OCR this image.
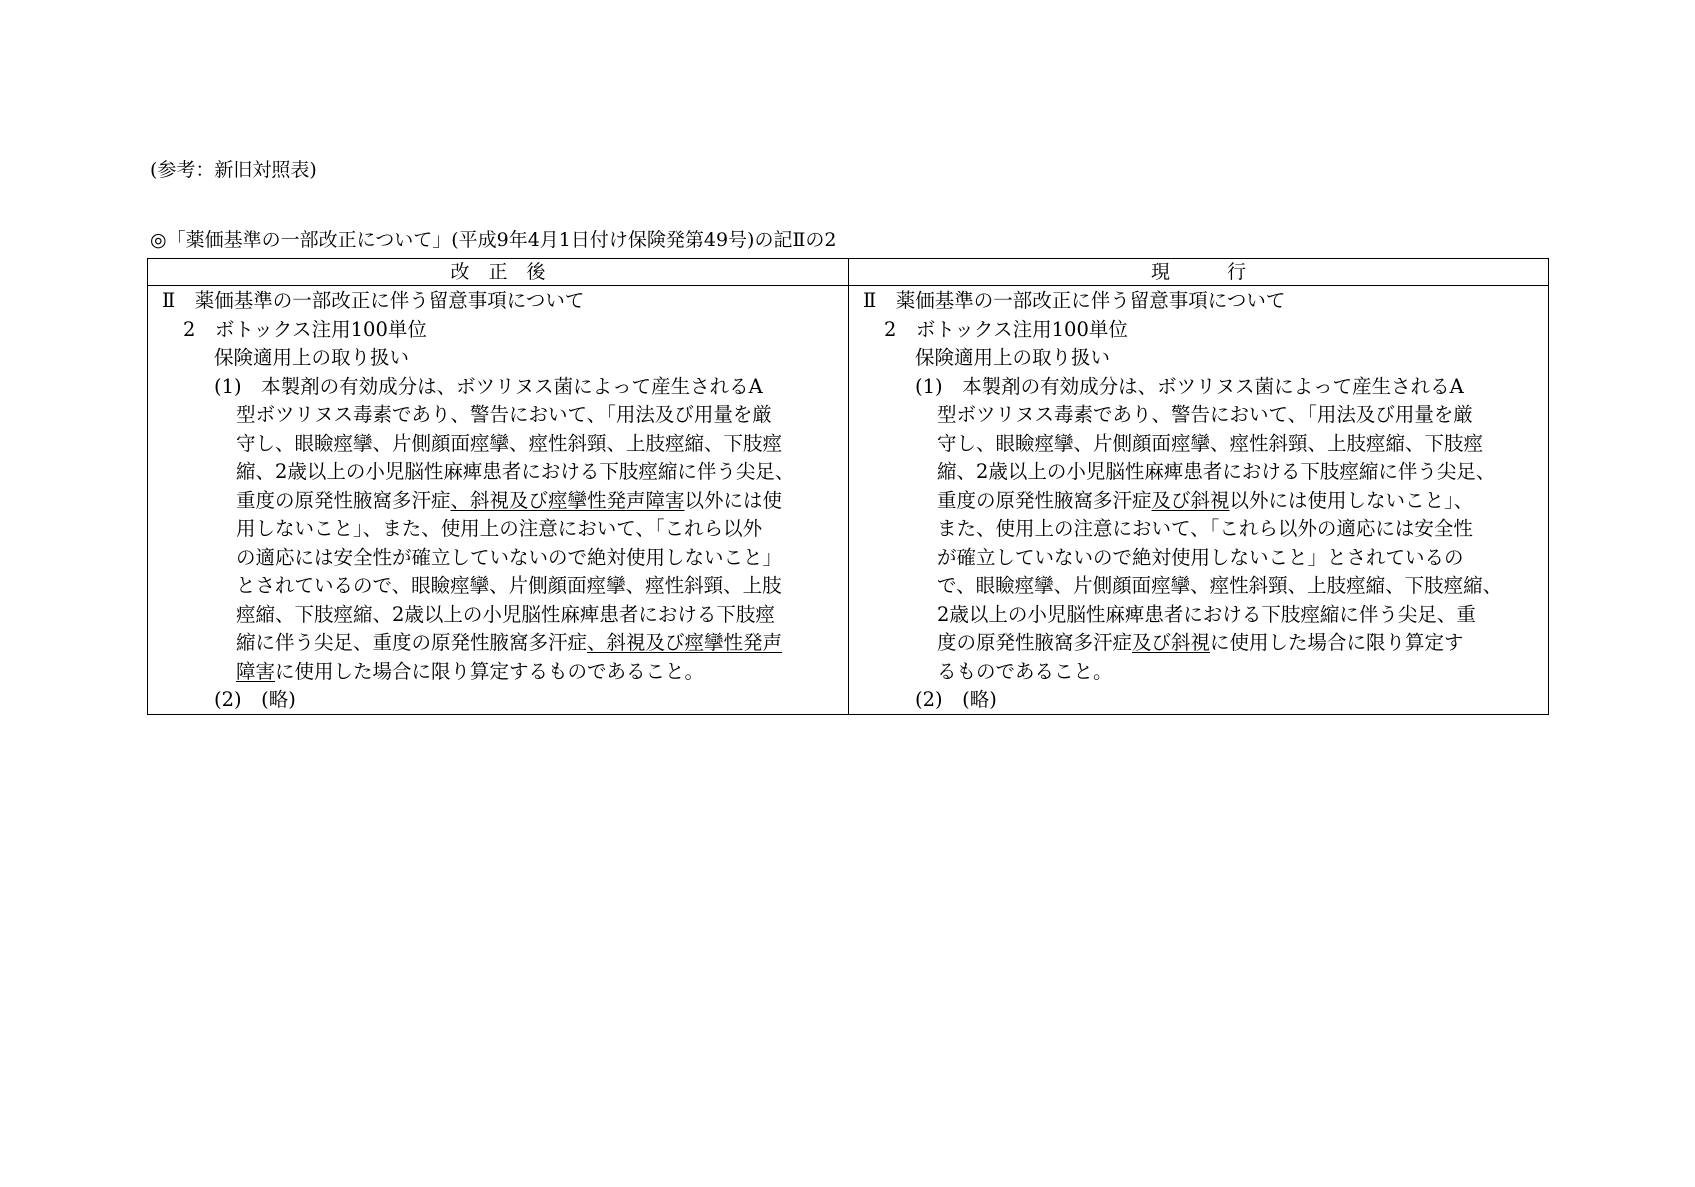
(参考：新旧対照表)
◎「薬価基準の一部改正について」(平成9年4月1日付け保険発第49号)の記Ⅱの2
改　正　後	現　　　行
Ⅱ　薬価基準の一部改正に伴う留意事項について
2　ボトックス注用100単位
保険適用上の取り扱い
(1)　本製剤の有効成分は、ボツリヌス菌によって産生されるA
型ボツリヌス毒素であり、警告において、「用法及び用量を厳
守し、眼瞼痙攣、片側顔面痙攣、痙性斜頸、上肢痙縮、下肢痙
縮、2歳以上の小児脳性麻痺患者における下肢痙縮に伴う尖足、
重度の原発性腋窩多汗症、斜視及び痙攣性発声障害以外には使
用しないこと」、また、使用上の注意において、「これら以外
の適応には安全性が確立していないので絶対使用しないこと」
とされているので、眼瞼痙攣、片側顔面痙攣、痙性斜頸、上肢
痙縮、下肢痙縮、2歳以上の小児脳性麻痺患者における下肢痙
縮に伴う尖足、重度の原発性腋窩多汗症、斜視及び痙攣性発声
障害に使用した場合に限り算定するものであること。
(2)　(略)
Ⅱ　薬価基準の一部改正に伴う留意事項について
2　ボトックス注用100単位
保険適用上の取り扱い
(1)　本製剤の有効成分は、ボツリヌス菌によって産生されるA
型ボツリヌス毒素であり、警告において、「用法及び用量を厳
守し、眼瞼痙攣、片側顔面痙攣、痙性斜頸、上肢痙縮、下肢痙
縮、2歳以上の小児脳性麻痺患者における下肢痙縮に伴う尖足、
重度の原発性腋窩多汗症及び斜視以外には使用しないこと」、
また、使用上の注意において、「これら以外の適応には安全性
が確立していないので絶対使用しないこと」とされているの
で、眼瞼痙攣、片側顔面痙攣、痙性斜頸、上肢痙縮、下肢痙縮、
2歳以上の小児脳性麻痺患者における下肢痙縮に伴う尖足、重
度の原発性腋窩多汗症及び斜視に使用した場合に限り算定す
るものであること。
(2)　(略)
